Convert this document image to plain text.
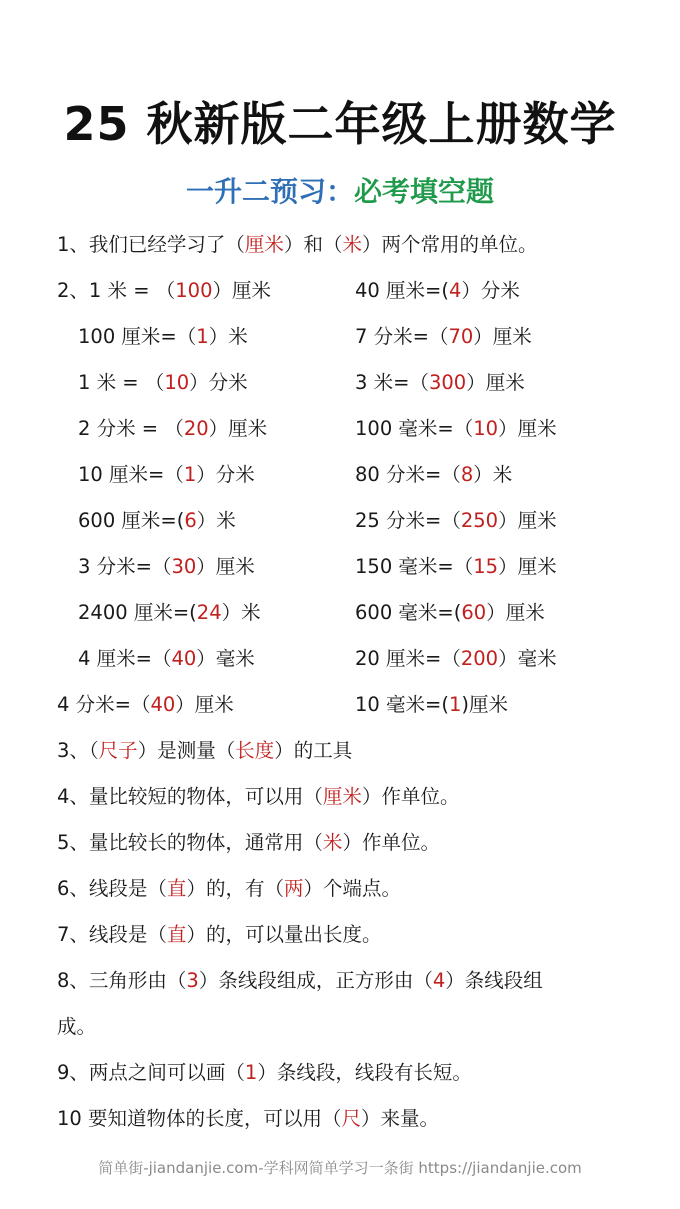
25 秋新版二年级上册数学
一升二预习：必考填空题
1、我们已经学习了（厘米）和（米）两个常用的单位。
2、1 米 = （100）厘米	40 厘米=(4）分米
100 厘米=（1）米	7 分米=（70）厘米
1 米 = （10）分米	3 米=（300）厘米
2 分米 = （20）厘米	100 毫米=（10）厘米
10 厘米=（1）分米	80 分米=（8）米
600 厘米=(6）米	25 分米=（250）厘米
3 分米=（30）厘米	150 毫米=（15）厘米
2400 厘米=(24）米	600 毫米=(60）厘米
4 厘米=（40）毫米	20 厘米=（200）毫米
4 分米=（40）厘米	10 毫米=(1)厘米
3、（尺子）是测量（长度）的工具
4、量比较短的物体，可以用（厘米）作单位。
5、量比较长的物体，通常用（米）作单位。
6、线段是（直）的，有（两）个端点。
7、线段是（直）的，可以量出长度。
8、三角形由（3）条线段组成，正方形由（4）条线段组
成。
9、两点之间可以画（1）条线段，线段有长短。
10 要知道物体的长度，可以用（尺）来量。
简单街-jiandanjie.com-学科网简单学习一条街 https://jiandanjie.com
